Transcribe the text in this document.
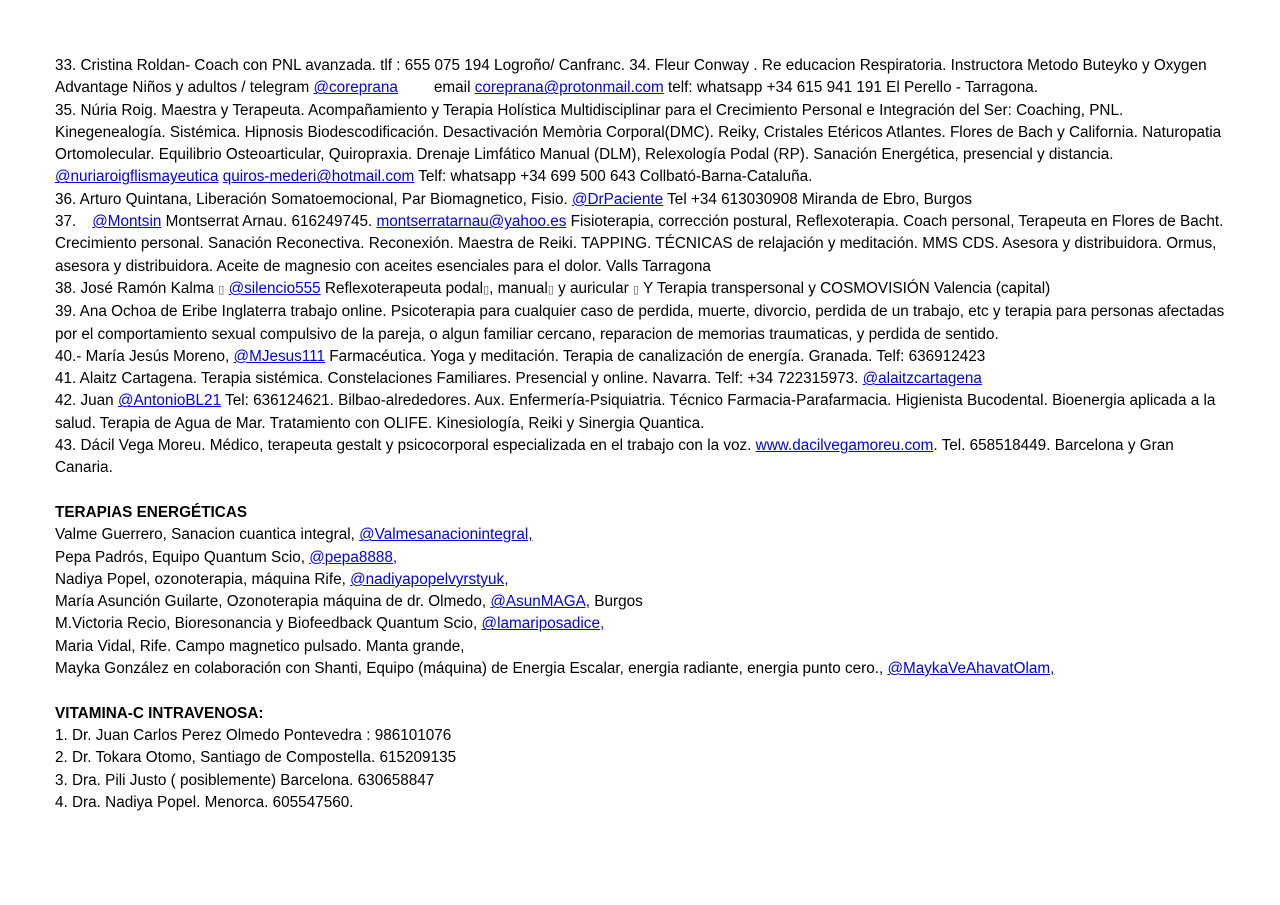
33. Cristina Roldan- Coach con PNL avanzada. tlf : 655 075 194 Logroño/ Canfranc. 34. Fleur Conway . Re educacion Respiratoria. Instructora Metodo Buteyko y Oxygen Advantage Niños y adultos / telegram @coreprana email coreprana@protonmail.com telf: whatsapp +34 615 941 191 El Perello - Tarragona.

35. Núria Roig. Maestra y Terapeuta. Acompañamiento y Terapia Holística Multidisciplinar para el Crecimiento Personal e Integración del Ser: Coaching, PNL. Kinegenealogía. Sistémica. Hipnosis Biodescodificación. Desactivación Memòria Corporal(DMC). Reiky, Cristales Etéricos Atlantes. Flores de Bach y California. Naturopatia Ortomolecular. Equilibrio Osteoarticular, Quiropraxia. Drenaje Limfático Manual (DLM), Relexología Podal (RP). Sanación Energética, presencial y distancia. @nuriaroigflismayeutica quiros-mederi@hotmail.com Telf: whatsapp +34 699 500 643 Collbató-Barna-Cataluña.

36. Arturo Quintana, Liberación Somatoemocional, Par Biomagnetico, Fisio. @DrPaciente Tel +34 613030908 Miranda de Ebro, Burgos

37. @Montsin Montserrat Arnau. 616249745. montserratarnau@yahoo.es Fisioterapia, corrección postural, Reflexoterapia. Coach personal, Terapeuta en Flores de Bacht. Crecimiento personal. Sanación Reconectiva. Reconexión. Maestra de Reiki. TAPPING. TÉCNICAS de relajación y meditación. MMS CDS. Asesora y distribuidora. Ormus, asesora y distribuidora. Aceite de magnesio con aceites esenciales para el dolor. Valls Tarragona

38. José Ramón Kalma ▯ @silencio555 Reflexoterapeuta podal▯, manual▯ y auricular ▯ Y Terapia transpersonal y COSMOVISIÓN Valencia (capital)

39. Ana Ochoa de Eribe Inglaterra trabajo online. Psicoterapia para cualquier caso de perdida, muerte, divorcio, perdida de un trabajo, etc y terapia para personas afectadas por el comportamiento sexual compulsivo de la pareja, o algun familiar cercano, reparacion de memorias traumaticas, y perdida de sentido.

40.- María Jesús Moreno, @MJesus111 Farmacéutica. Yoga y meditación. Terapia de canalización de energía. Granada. Telf: 636912423

41. Alaitz Cartagena. Terapia sistémica. Constelaciones Familiares. Presencial y online. Navarra. Telf: +34 722315973. @alaitzcartagena

42. Juan @AntonioBL21 Tel: 636124621. Bilbao-alrededores. Aux. Enfermería-Psiquiatria. Técnico Farmacia-Parafarmacia. Higienista Bucodental. Bioenergia aplicada a la salud. Terapia de Agua de Mar. Tratamiento con OLIFE. Kinesiología, Reiki y Sinergia Quantica.

43. Dácil Vega Moreu. Médico, terapeuta gestalt y psicocorporal especializada en el trabajo con la voz. www.dacilvegamoreu.com. Tel. 658518449. Barcelona y Gran Canaria.

TERAPIAS ENERGÉTICAS

Valme Guerrero, Sanacion cuantica integral, @Valmesanacionintegral,

Pepa Padrós, Equipo Quantum Scio, @pepa8888,

Nadiya Popel, ozonoterapia, máquina Rife, @nadiyapopelvyrstyuk,

María Asunción Guilarte, Ozonoterapia máquina de dr. Olmedo, @AsunMAGA, Burgos

M.Victoria Recio, Bioresonancia y Biofeedback Quantum Scio, @lamariposadice,

Maria Vidal, Rife. Campo magnetico pulsado. Manta grande,

Mayka González en colaboración con Shanti, Equipo (máquina) de Energia Escalar, energia radiante, energia punto cero., @MaykaVeAhavatOlam,

VITAMINA-C INTRAVENOSA:

1. Dr. Juan Carlos Perez Olmedo Pontevedra : 986101076

2. Dr. Tokara Otomo, Santiago de Compostella. 615209135

3. Dra. Pili Justo ( posiblemente) Barcelona. 630658847

4. Dra. Nadiya Popel. Menorca. 605547560.
